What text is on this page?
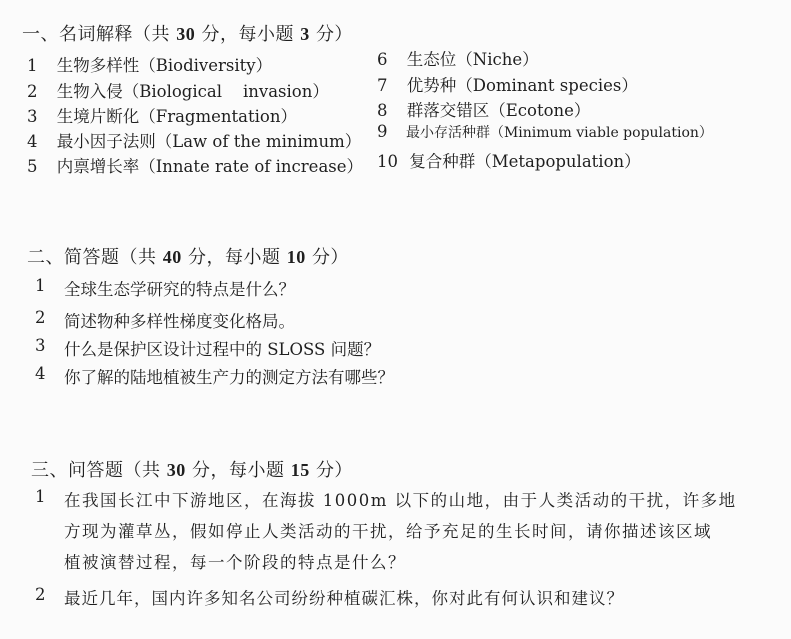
一、名词解释（共 30 分，每小题 3 分）
1 生物多样性（Biodiversity）
2 生物入侵（Biological    invasion）
3 生境片断化（Fragmentation）
4 最小因子法则（Law of the minimum）
5 内禀增长率（Innate rate of increase）
6 生态位（Niche）
7 优势种（Dominant species）
8 群落交错区（Ecotone）
9 最小存活种群（Minimum viable population）
10 复合种群（Metapopulation）
二、简答题（共 40 分，每小题 10 分）
1 全球生态学研究的特点是什么？
2 简述物种多样性梯度变化格局。
3 什么是保护区设计过程中的 SLOSS 问题？
4 你了解的陆地植被生产力的测定方法有哪些？
三、问答题（共 30 分，每小题 15 分）
1 在我国长江中下游地区，在海拔 1000m 以下的山地，由于人类活动的干扰，许多地
方现为灌草丛，假如停止人类活动的干扰，给予充足的生长时间，请你描述该区域
植被演替过程，每一个阶段的特点是什么？
2 最近几年，国内许多知名公司纷纷种植碳汇株，你对此有何认识和建议？
